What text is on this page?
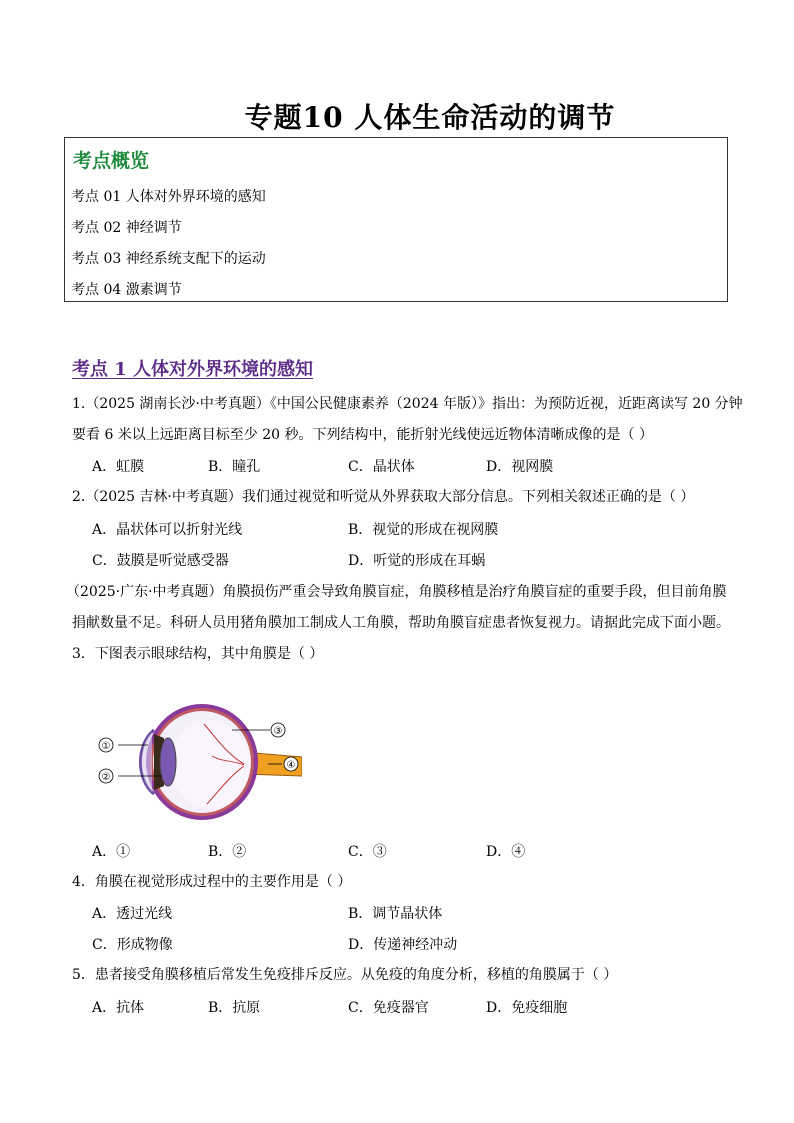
专题10 人体生命活动的调节
考点概览
考点 01 人体对外界环境的感知
考点 02 神经调节
考点 03 神经系统支配下的运动
考点 04 激素调节
考点 1 人体对外界环境的感知
1.（2025 湖南长沙·中考真题）《中国公民健康素养（2024 年版）》指出：为预防近视，近距离读写 20 分钟
要看 6 米以上远距离目标至少 20 秒。下列结构中，能折射光线使远近物体清晰成像的是（ ）
A．虹膜	B．瞳孔	C．晶状体	D．视网膜
2.（2025 吉林·中考真题）我们通过视觉和听觉从外界获取大部分信息。下列相关叙述正确的是（ ）
A．晶状体可以折射光线	B．视觉的形成在视网膜
C．鼓膜是听觉感受器	D．听觉的形成在耳蜗
（2025·广东·中考真题）角膜损伤严重会导致角膜盲症，角膜移植是治疗角膜盲症的重要手段，但目前角膜
捐献数量不足。科研人员用猪角膜加工制成人工角膜，帮助角膜盲症患者恢复视力。请据此完成下面小题。
3．下图表示眼球结构，其中角膜是（ ）
①
②
③
④
A．①	B．②	C．③	D．④
4．角膜在视觉形成过程中的主要作用是（ ）
A．透过光线	B．调节晶状体
C．形成物像	D．传递神经冲动
5．患者接受角膜移植后常发生免疫排斥反应。从免疫的角度分析，移植的角膜属于（ ）
A．抗体	B．抗原	C．免疫器官	D．免疫细胞
